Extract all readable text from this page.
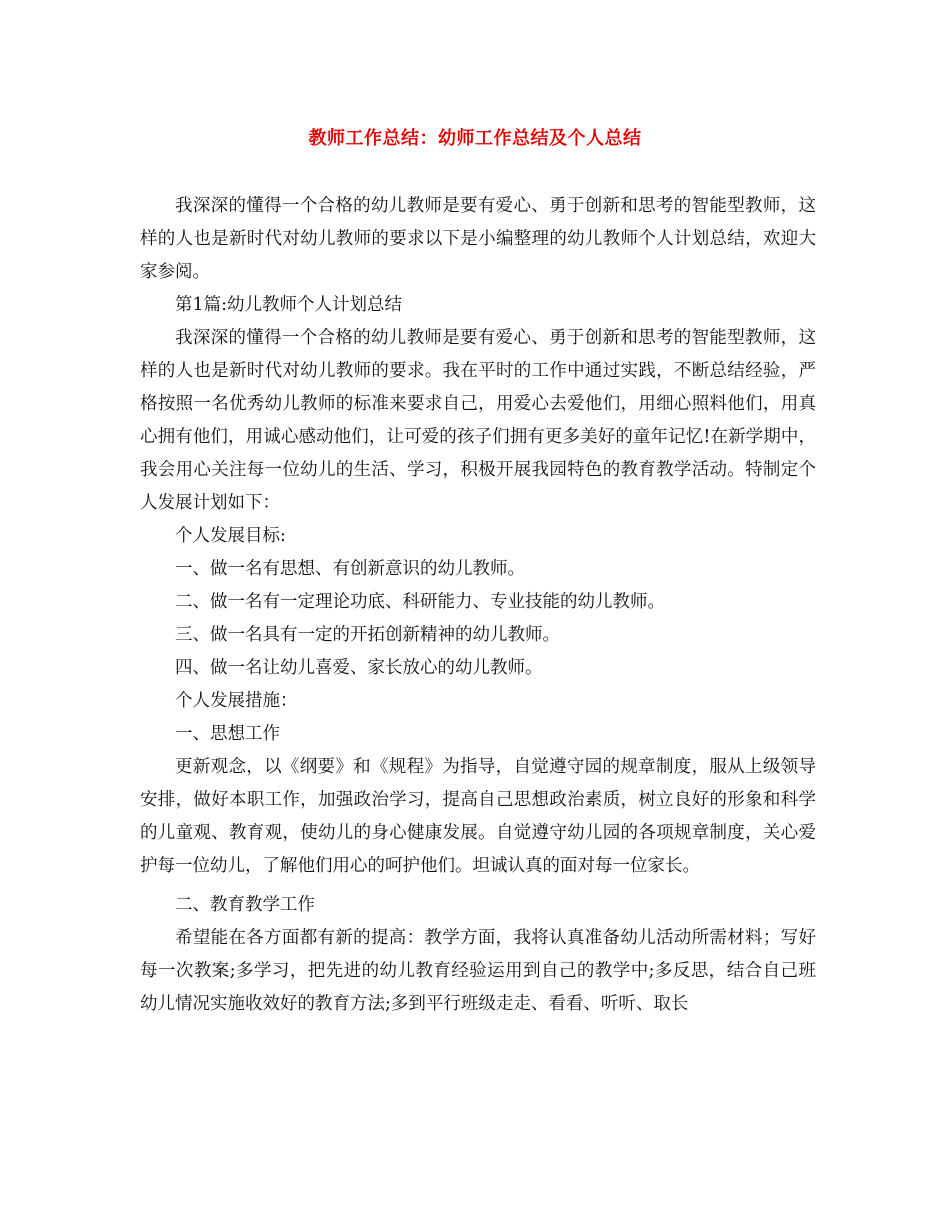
教师工作总结：幼师工作总结及个人总结

我深深的懂得一个合格的幼儿教师是要有爱心、勇于创新和思考的智能型教师，这样的人也是新时代对幼儿教师的要求以下是小编整理的幼儿教师个人计划总结，欢迎大家参阅。

第1篇:幼儿教师个人计划总结

我深深的懂得一个合格的幼儿教师是要有爱心、勇于创新和思考的智能型教师，这样的人也是新时代对幼儿教师的要求。我在平时的工作中通过实践，不断总结经验，严格按照一名优秀幼儿教师的标准来要求自己，用爱心去爱他们，用细心照料他们，用真心拥有他们，用诚心感动他们，让可爱的孩子们拥有更多美好的童年记忆!在新学期中，我会用心关注每一位幼儿的生活、学习，积极开展我园特色的教育教学活动。特制定个人发展计划如下：

个人发展目标:

一、做一名有思想、有创新意识的幼儿教师。

二、做一名有一定理论功底、科研能力、专业技能的幼儿教师。

三、做一名具有一定的开拓创新精神的幼儿教师。

四、做一名让幼儿喜爱、家长放心的幼儿教师。

个人发展措施：

一、思想工作

更新观念，以《纲要》和《规程》为指导，自觉遵守园的规章制度，服从上级领导安排，做好本职工作，加强政治学习，提高自己思想政治素质，树立良好的形象和科学的儿童观、教育观，使幼儿的身心健康发展。自觉遵守幼儿园的各项规章制度，关心爱护每一位幼儿，了解他们用心的呵护他们。坦诚认真的面对每一位家长。

二、教育教学工作

希望能在各方面都有新的提高：教学方面，我将认真准备幼儿活动所需材料；写好每一次教案;多学习，把先进的幼儿教育经验运用到自己的教学中;多反思，结合自己班幼儿情况实施收效好的教育方法;多到平行班级走走、看看、听听、取长
